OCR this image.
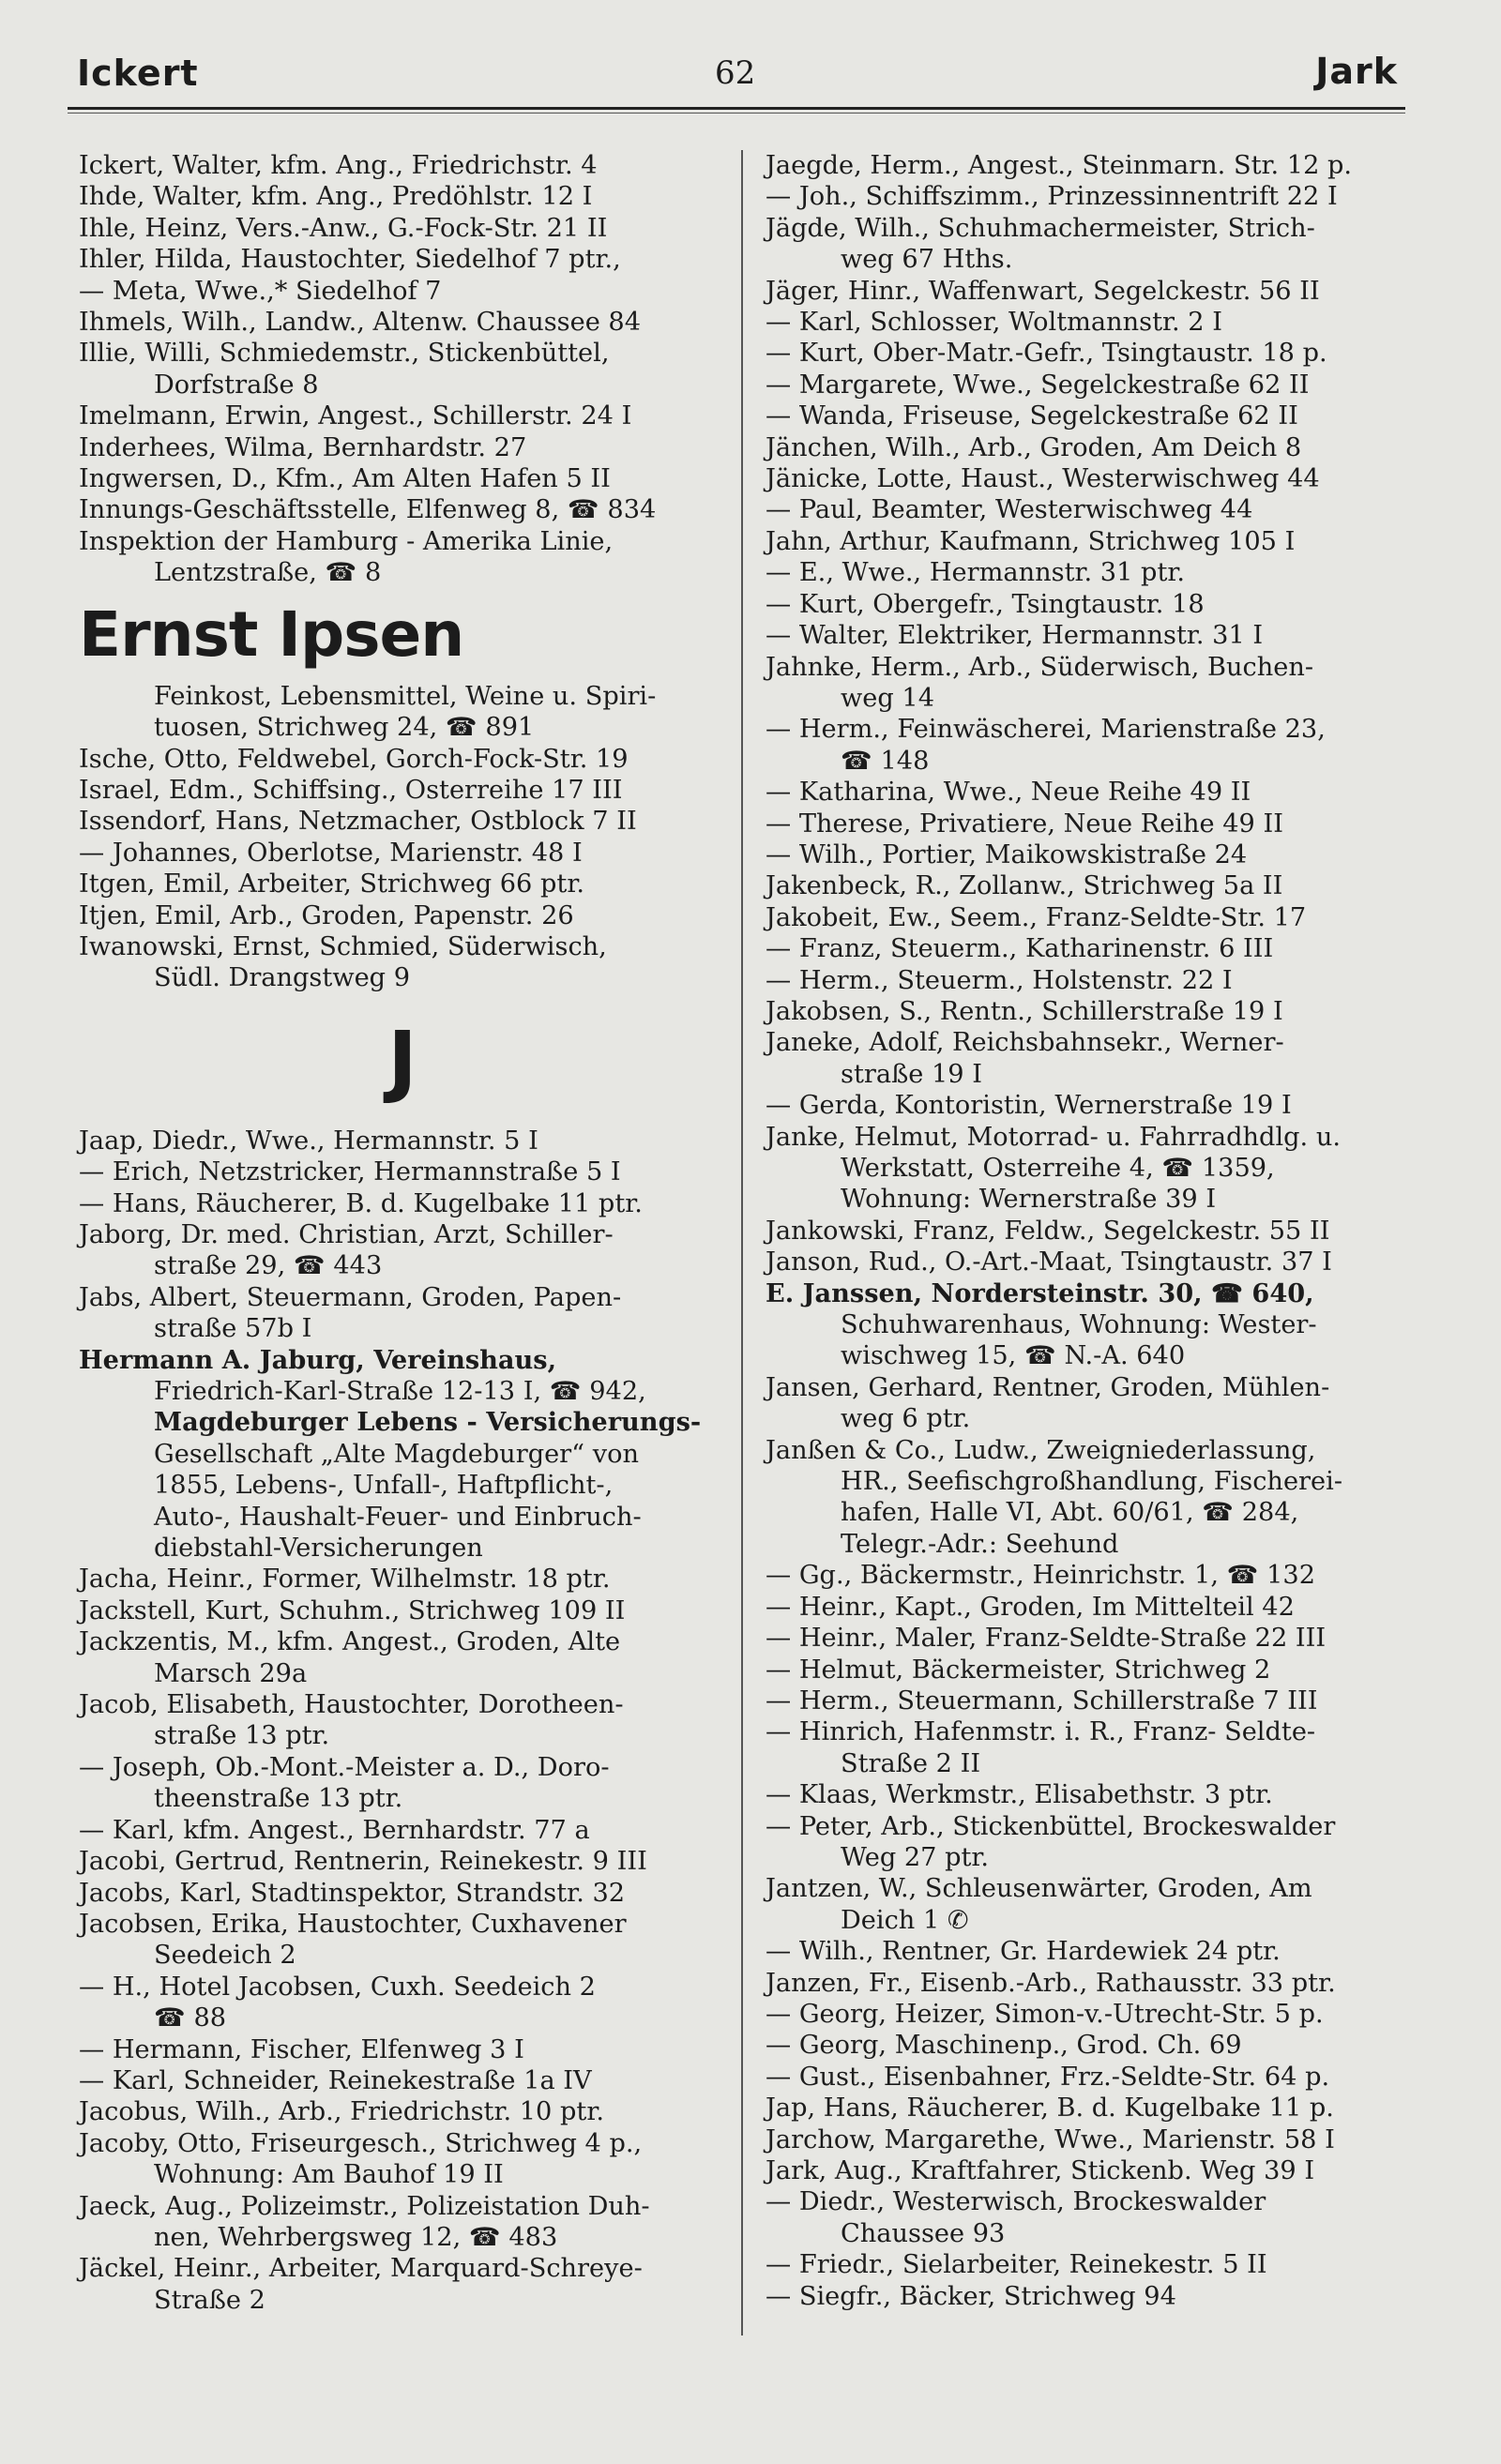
Ickert	62	Jark
Ickert, Walter, kfm. Ang., Friedrichstr. 4
Ihde, Walter, kfm. Ang., Predöhlstr. 12 I
Ihle, Heinz, Vers.-Anw., G.-Fock-Str. 21 II
Ihler, Hilda, Haustochter, Siedelhof 7 ptr.,
— Meta, Wwe.,* Siedelhof 7
Ihmels, Wilh., Landw., Altenw. Chaussee 84
Illie, Willi, Schmiedemstr., Stickenbüttel,
Dorfstraße 8
Imelmann, Erwin, Angest., Schillerstr. 24 I
Inderhees, Wilma, Bernhardstr. 27
Ingwersen, D., Kfm., Am Alten Hafen 5 II
Innungs-Geschäftsstelle, Elfenweg 8, ☎ 834
Inspektion der Hamburg - Amerika Linie,
Lentzstraße, ☎ 8
Ernst Ipsen
Feinkost, Lebensmittel, Weine u. Spiri-
tuosen, Strichweg 24, ☎ 891
Ische, Otto, Feldwebel, Gorch-Fock-Str. 19
Israel, Edm., Schiffsing., Osterreihe 17 III
Issendorf, Hans, Netzmacher, Ostblock 7 II
— Johannes, Oberlotse, Marienstr. 48 I
Itgen, Emil, Arbeiter, Strichweg 66 ptr.
Itjen, Emil, Arb., Groden, Papenstr. 26
Iwanowski, Ernst, Schmied, Süderwisch,
Südl. Drangstweg 9
J
Jaap, Diedr., Wwe., Hermannstr. 5 I
— Erich, Netzstricker, Hermannstraße 5 I
— Hans, Räucherer, B. d. Kugelbake 11 ptr.
Jaborg, Dr. med. Christian, Arzt, Schiller-
straße 29, ☎ 443
Jabs, Albert, Steuermann, Groden, Papen-
straße 57b I
Hermann A. Jaburg, Vereinshaus,
Friedrich-Karl-Straße 12-13 I, ☎ 942,
Magdeburger Lebens - Versicherungs-
Gesellschaft „Alte Magdeburger“ von
1855, Lebens-, Unfall-, Haftpflicht-,
Auto-, Haushalt-Feuer- und Einbruch-
diebstahl-Versicherungen
Jacha, Heinr., Former, Wilhelmstr. 18 ptr.
Jackstell, Kurt, Schuhm., Strichweg 109 II
Jackzentis, M., kfm. Angest., Groden, Alte
Marsch 29a
Jacob, Elisabeth, Haustochter, Dorotheen-
straße 13 ptr.
— Joseph, Ob.-Mont.-Meister a. D., Doro-
theenstraße 13 ptr.
— Karl, kfm. Angest., Bernhardstr. 77 a
Jacobi, Gertrud, Rentnerin, Reinekestr. 9 III
Jacobs, Karl, Stadtinspektor, Strandstr. 32
Jacobsen, Erika, Haustochter, Cuxhavener
Seedeich 2
— H., Hotel Jacobsen, Cuxh. Seedeich 2
☎ 88
— Hermann, Fischer, Elfenweg 3 I
— Karl, Schneider, Reinekestraße 1a IV
Jacobus, Wilh., Arb., Friedrichstr. 10 ptr.
Jacoby, Otto, Friseurgesch., Strichweg 4 p.,
Wohnung: Am Bauhof 19 II
Jaeck, Aug., Polizeimstr., Polizeistation Duh-
nen, Wehrbergsweg 12, ☎ 483
Jäckel, Heinr., Arbeiter, Marquard-Schreye-
Straße 2
Jaegde, Herm., Angest., Steinmarn. Str. 12 p.
— Joh., Schiffszimm., Prinzessinnentrift 22 I
Jägde, Wilh., Schuhmachermeister, Strich-
weg 67 Hths.
Jäger, Hinr., Waffenwart, Segelckestr. 56 II
— Karl, Schlosser, Woltmannstr. 2 I
— Kurt, Ober-Matr.-Gefr., Tsingtaustr. 18 p.
— Margarete, Wwe., Segelckestraße 62 II
— Wanda, Friseuse, Segelckestraße 62 II
Jänchen, Wilh., Arb., Groden, Am Deich 8
Jänicke, Lotte, Haust., Westerwischweg 44
— Paul, Beamter, Westerwischweg 44
Jahn, Arthur, Kaufmann, Strichweg 105 I
— E., Wwe., Hermannstr. 31 ptr.
— Kurt, Obergefr., Tsingtaustr. 18
— Walter, Elektriker, Hermannstr. 31 I
Jahnke, Herm., Arb., Süderwisch, Buchen-
weg 14
— Herm., Feinwäscherei, Marienstraße 23,
☎ 148
— Katharina, Wwe., Neue Reihe 49 II
— Therese, Privatiere, Neue Reihe 49 II
— Wilh., Portier, Maikowskistraße 24
Jakenbeck, R., Zollanw., Strichweg 5a II
Jakobeit, Ew., Seem., Franz-Seldte-Str. 17
— Franz, Steuerm., Katharinenstr. 6 III
— Herm., Steuerm., Holstenstr. 22 I
Jakobsen, S., Rentn., Schillerstraße 19 I
Janeke, Adolf, Reichsbahnsekr., Werner-
straße 19 I
— Gerda, Kontoristin, Wernerstraße 19 I
Janke, Helmut, Motorrad- u. Fahrradhdlg. u.
Werkstatt, Osterreihe 4, ☎ 1359,
Wohnung: Wernerstraße 39 I
Jankowski, Franz, Feldw., Segelckestr. 55 II
Janson, Rud., O.-Art.-Maat, Tsingtaustr. 37 I
E. Janssen, Nordersteinstr. 30, ☎ 640,
Schuhwarenhaus, Wohnung: Wester-
wischweg 15, ☎ N.-A. 640
Jansen, Gerhard, Rentner, Groden, Mühlen-
weg 6 ptr.
Janßen & Co., Ludw., Zweigniederlassung,
HR., Seefischgroßhandlung, Fischerei-
hafen, Halle VI, Abt. 60/61, ☎ 284,
Telegr.-Adr.: Seehund
— Gg., Bäckermstr., Heinrichstr. 1, ☎ 132
— Heinr., Kapt., Groden, Im Mittelteil 42
— Heinr., Maler, Franz-Seldte-Straße 22 III
— Helmut, Bäckermeister, Strichweg 2
— Herm., Steuermann, Schillerstraße 7 III
— Hinrich, Hafenmstr. i. R., Franz- Seldte-
Straße 2 II
— Klaas, Werkmstr., Elisabethstr. 3 ptr.
— Peter, Arb., Stickenbüttel, Brockeswalder
Weg 27 ptr.
Jantzen, W., Schleusenwärter, Groden, Am
Deich 1 ✆
— Wilh., Rentner, Gr. Hardewiek 24 ptr.
Janzen, Fr., Eisenb.-Arb., Rathausstr. 33 ptr.
— Georg, Heizer, Simon-v.-Utrecht-Str. 5 p.
— Georg, Maschinenp., Grod. Ch. 69
— Gust., Eisenbahner, Frz.-Seldte-Str. 64 p.
Jap, Hans, Räucherer, B. d. Kugelbake 11 p.
Jarchow, Margarethe, Wwe., Marienstr. 58 I
Jark, Aug., Kraftfahrer, Stickenb. Weg 39 I
— Diedr., Westerwisch, Brockeswalder
Chaussee 93
— Friedr., Sielarbeiter, Reinekestr. 5 II
— Siegfr., Bäcker, Strichweg 94
